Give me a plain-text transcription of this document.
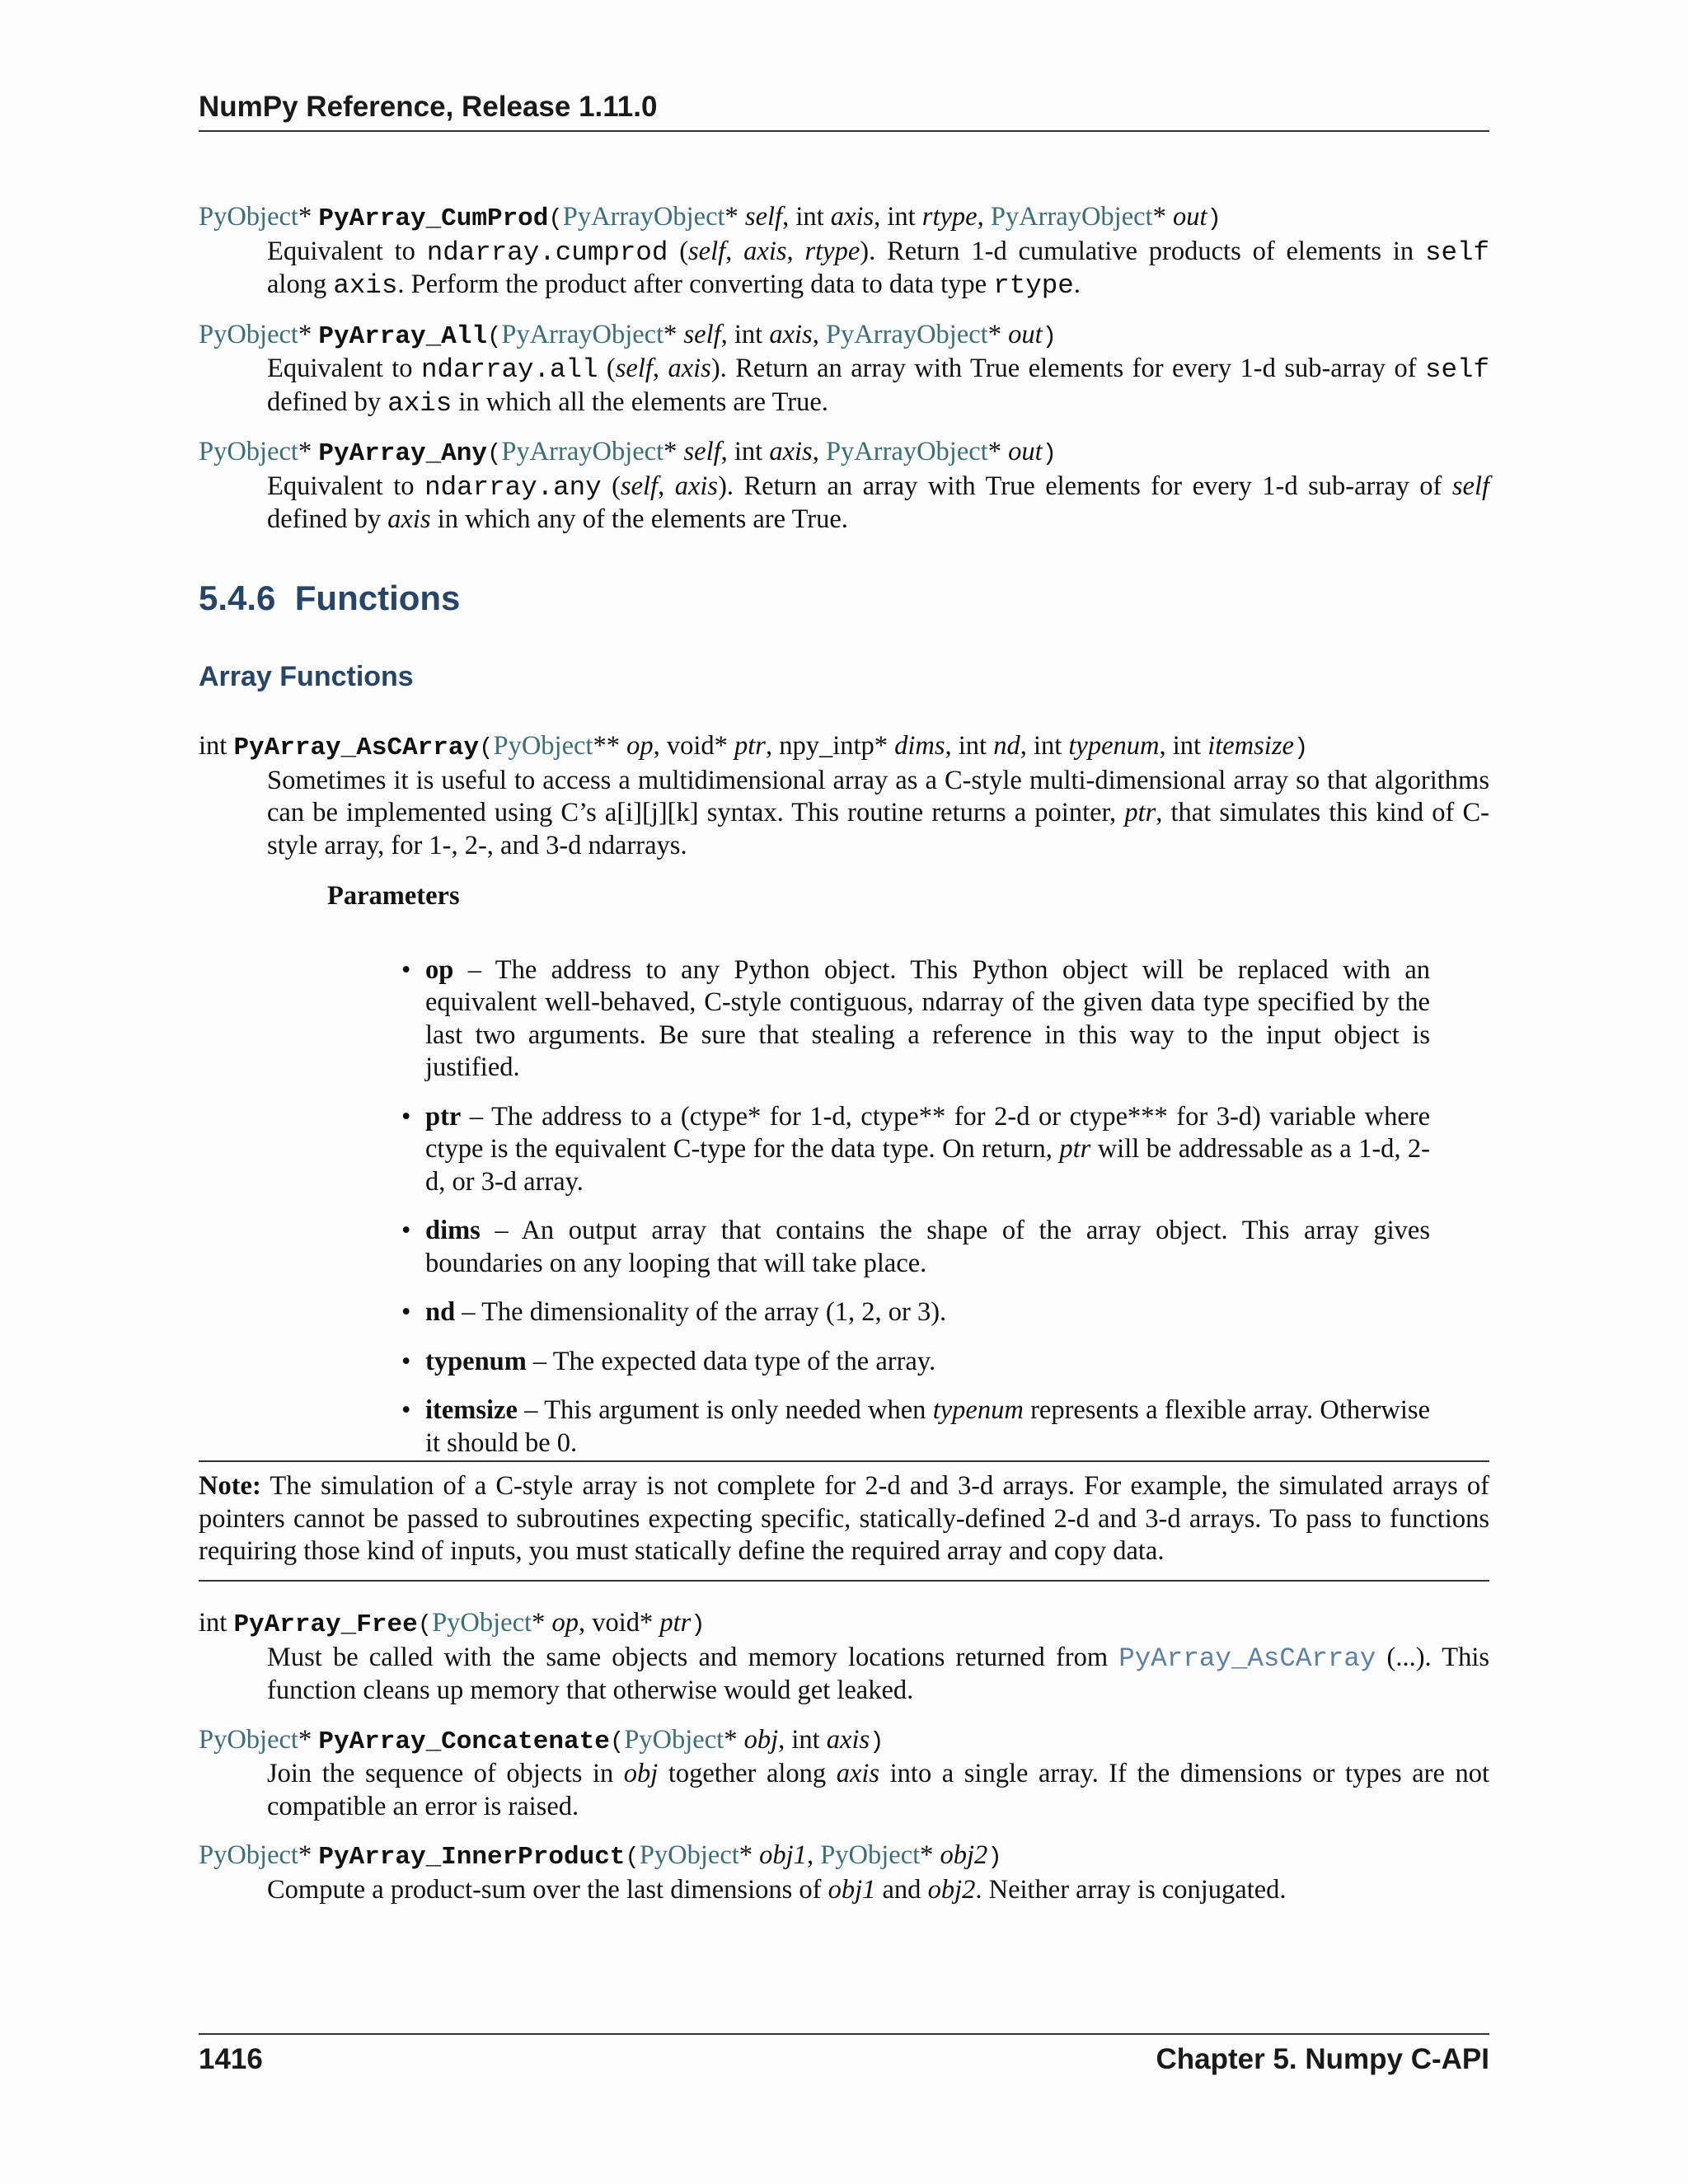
NumPy Reference, Release 1.11.0
PyObject* PyArray_CumProd(PyArrayObject* self, int axis, int rtype, PyArrayObject* out)
Equivalent to ndarray.cumprod (self, axis, rtype). Return 1-d cumulative products of elements in self along axis. Perform the product after converting data to data type rtype.
PyObject* PyArray_All(PyArrayObject* self, int axis, PyArrayObject* out)
Equivalent to ndarray.all (self, axis). Return an array with True elements for every 1-d sub-array of self defined by axis in which all the elements are True.
PyObject* PyArray_Any(PyArrayObject* self, int axis, PyArrayObject* out)
Equivalent to ndarray.any (self, axis). Return an array with True elements for every 1-d sub-array of self defined by axis in which any of the elements are True.
5.4.6 Functions
Array Functions
int PyArray_AsCArray(PyObject** op, void* ptr, npy_intp* dims, int nd, int typenum, int itemsize)
Sometimes it is useful to access a multidimensional array as a C-style multi-dimensional array so that algorithms can be implemented using C’s a[i][j][k] syntax. This routine returns a pointer, ptr, that simulates this kind of C-style array, for 1-, 2-, and 3-d ndarrays.
Parameters
• op – The address to any Python object. This Python object will be replaced with an equivalent well-behaved, C-style contiguous, ndarray of the given data type specified by the last two arguments. Be sure that stealing a reference in this way to the input object is justified.
• ptr – The address to a (ctype* for 1-d, ctype** for 2-d or ctype*** for 3-d) variable where ctype is the equivalent C-type for the data type. On return, ptr will be addressable as a 1-d, 2-d, or 3-d array.
• dims – An output array that contains the shape of the array object. This array gives boundaries on any looping that will take place.
• nd – The dimensionality of the array (1, 2, or 3).
• typenum – The expected data type of the array.
• itemsize – This argument is only needed when typenum represents a flexible array. Otherwise it should be 0.
Note: The simulation of a C-style array is not complete for 2-d and 3-d arrays. For example, the simulated arrays of pointers cannot be passed to subroutines expecting specific, statically-defined 2-d and 3-d arrays. To pass to functions requiring those kind of inputs, you must statically define the required array and copy data.
int PyArray_Free(PyObject* op, void* ptr)
Must be called with the same objects and memory locations returned from PyArray_AsCArray (...). This function cleans up memory that otherwise would get leaked.
PyObject* PyArray_Concatenate(PyObject* obj, int axis)
Join the sequence of objects in obj together along axis into a single array. If the dimensions or types are not compatible an error is raised.
PyObject* PyArray_InnerProduct(PyObject* obj1, PyObject* obj2)
Compute a product-sum over the last dimensions of obj1 and obj2. Neither array is conjugated.
1416	Chapter 5. Numpy C-API
